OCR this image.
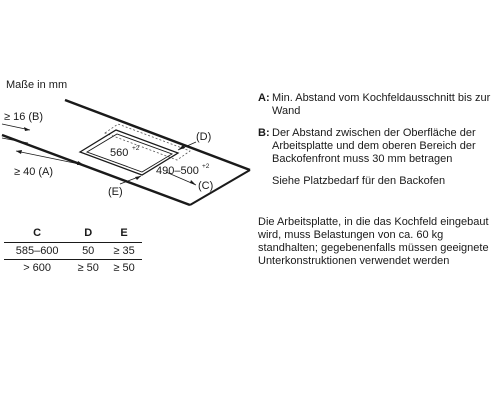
Maße in mm
≥ 16 (B)
≥ 40 (A)
560 +2
(D)
490–500 +2
(C)
(E)
C	D	E
585–600	50	≥ 35
> 600	≥ 50	≥ 50
A: Min. Abstand vom Kochfeldausschnitt bis zur Wand
B: Der Abstand zwischen der Oberfläche der Arbeitsplatte und dem oberen Bereich der Backofenfront muss 30 mm betragen
Siehe Platzbedarf für den Backofen
Die Arbeitsplatte, in die das Kochfeld eingebaut wird, muss Belastungen von ca. 60 kg standhalten; gegebenenfalls müssen geeignete Unterkonstruktionen verwendet werden
